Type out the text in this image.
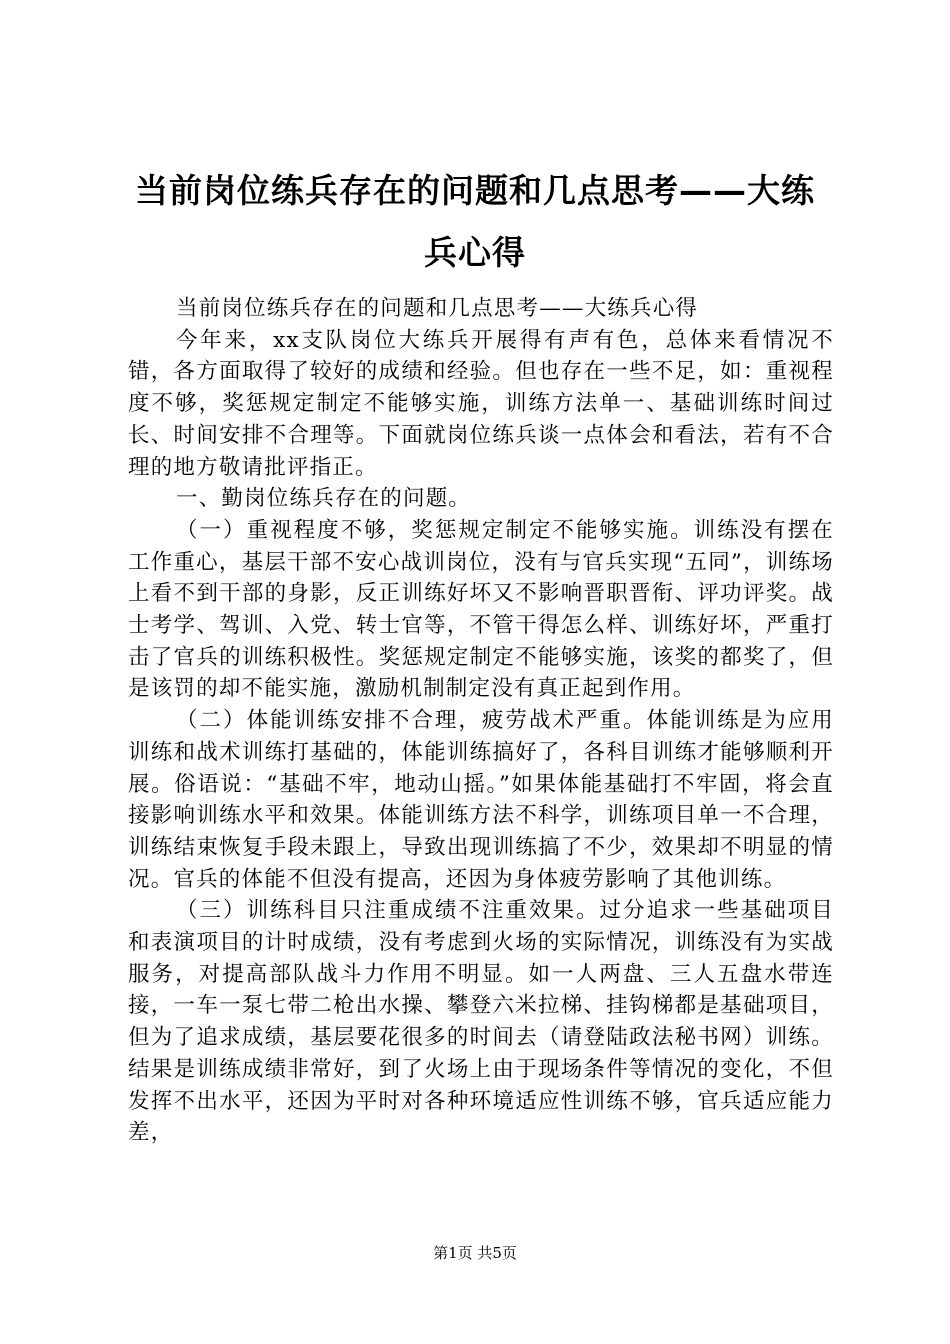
当前岗位练兵存在的问题和几点思考——大练兵心得

当前岗位练兵存在的问题和几点思考——大练兵心得

今年来，xx支队岗位大练兵开展得有声有色，总体来看情况不错，各方面取得了较好的成绩和经验。但也存在一些不足，如：重视程度不够，奖惩规定制定不能够实施，训练方法单一、基础训练时间过长、时间安排不合理等。下面就岗位练兵谈一点体会和看法，若有不合理的地方敬请批评指正。

一、勤岗位练兵存在的问题。

（一）重视程度不够，奖惩规定制定不能够实施。训练没有摆在工作重心，基层干部不安心战训岗位，没有与官兵实现“五同”，训练场上看不到干部的身影，反正训练好坏又不影响晋职晋衔、评功评奖。战士考学、驾训、入党、转士官等，不管干得怎么样、训练好坏，严重打击了官兵的训练积极性。奖惩规定制定不能够实施，该奖的都奖了，但是该罚的却不能实施，激励机制制定没有真正起到作用。

（二）体能训练安排不合理，疲劳战术严重。体能训练是为应用训练和战术训练打基础的，体能训练搞好了，各科目训练才能够顺利开展。俗语说：“基础不牢，地动山摇。”如果体能基础打不牢固，将会直接影响训练水平和效果。体能训练方法不科学，训练项目单一不合理，训练结束恢复手段未跟上，导致出现训练搞了不少，效果却不明显的情况。官兵的体能不但没有提高，还因为身体疲劳影响了其他训练。

（三）训练科目只注重成绩不注重效果。过分追求一些基础项目和表演项目的计时成绩，没有考虑到火场的实际情况，训练没有为实战服务，对提高部队战斗力作用不明显。如一人两盘、三人五盘水带连接，一车一泵七带二枪出水操、攀登六米拉梯、挂钩梯都是基础项目，但为了追求成绩，基层要花很多的时间去（请登陆政法秘书网）训练。结果是训练成绩非常好，到了火场上由于现场条件等情况的变化，不但发挥不出水平，还因为平时对各种环境适应性训练不够，官兵适应能力差，

第1页 共5页
